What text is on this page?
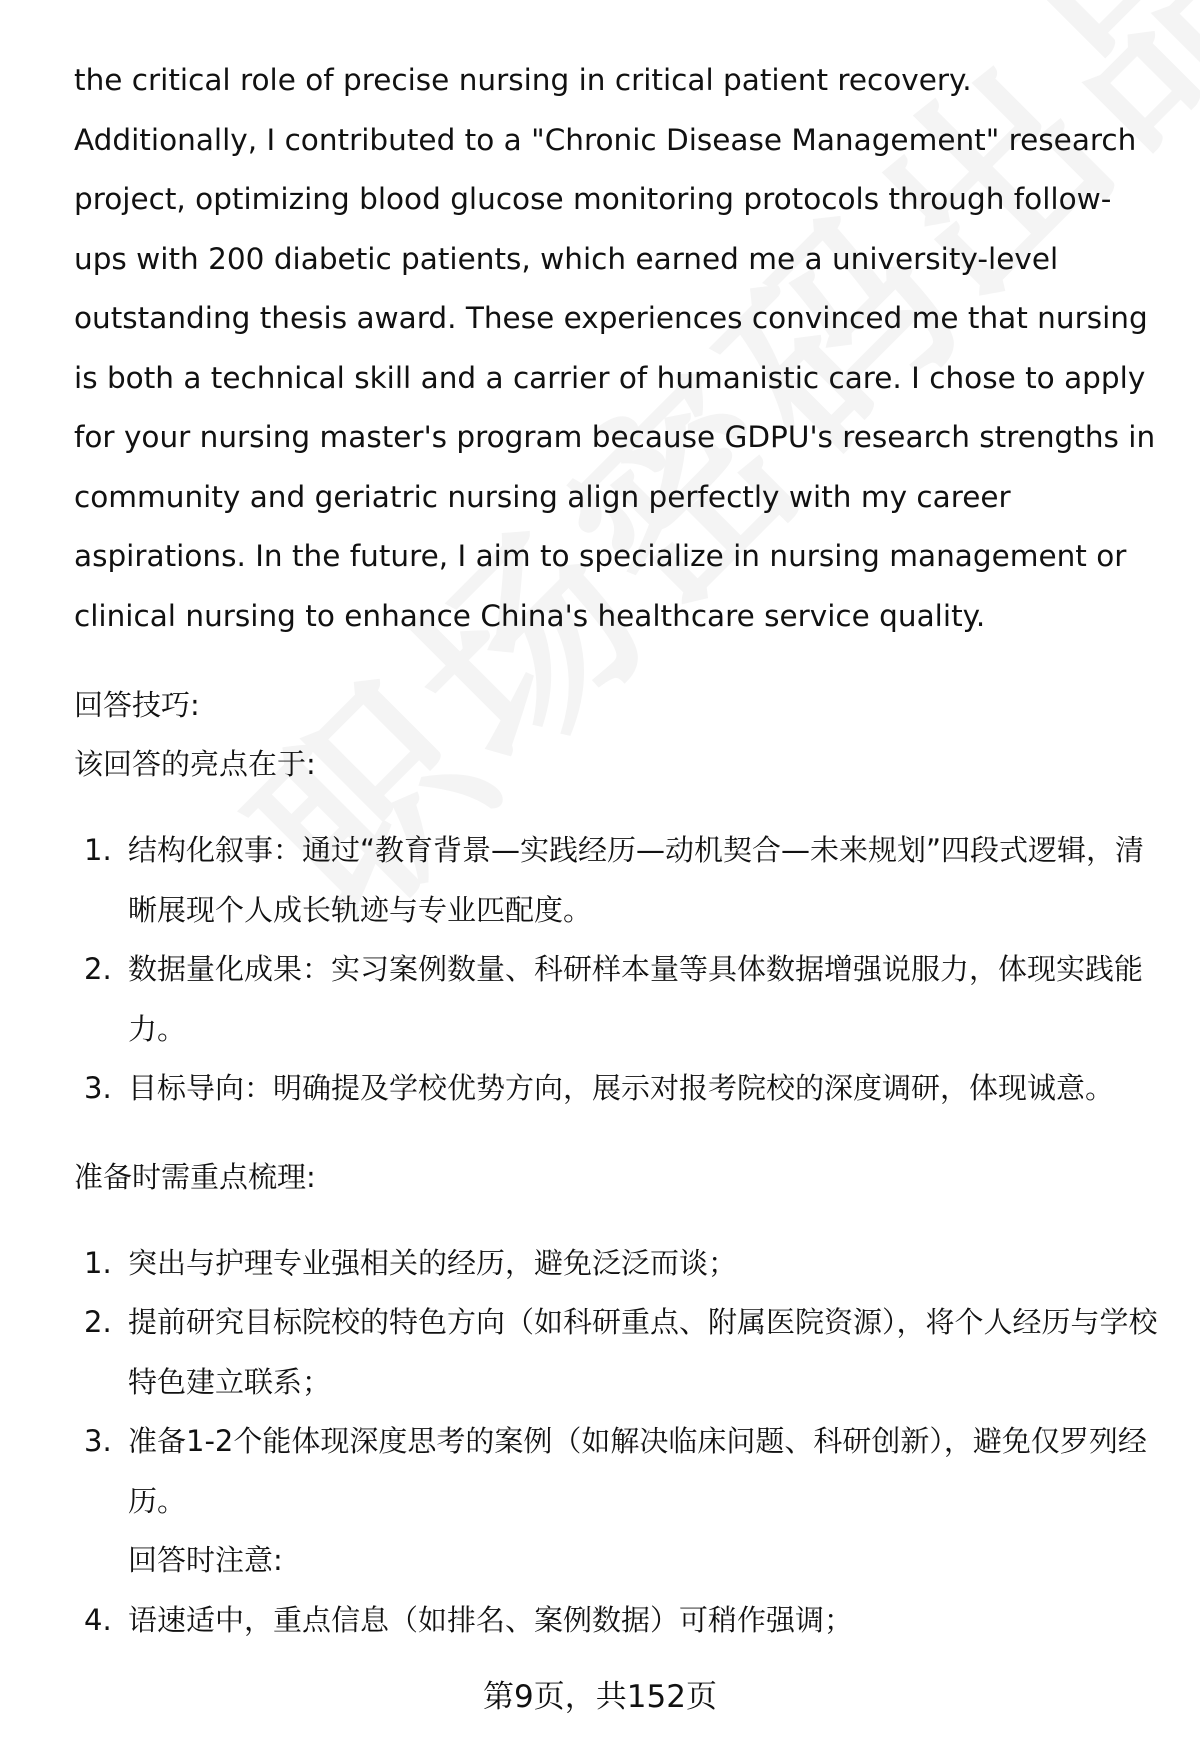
the critical role of precise nursing in critical patient recovery. Additionally, I contributed to a "Chronic Disease Management" research project, optimizing blood glucose monitoring protocols through follow-ups with 200 diabetic patients, which earned me a university-level outstanding thesis award. These experiences convinced me that nursing is both a technical skill and a carrier of humanistic care. I chose to apply for your nursing master's program because GDPU's research strengths in community and geriatric nursing align perfectly with my career aspirations. In the future, I aim to specialize in nursing management or clinical nursing to enhance China's healthcare service quality.

回答技巧:

该回答的亮点在于:

1. 结构化叙事：通过“教育背景—实践经历—动机契合—未来规划”四段式逻辑，清晰展现个人成长轨迹与专业匹配度。
2. 数据量化成果：实习案例数量、科研样本量等具体数据增强说服力，体现实践能力。
3. 目标导向：明确提及学校优势方向，展示对报考院校的深度调研，体现诚意。

准备时需重点梳理:

1. 突出与护理专业强相关的经历，避免泛泛而谈；
2. 提前研究目标院校的特色方向（如科研重点、附属医院资源），将个人经历与学校特色建立联系；
3. 准备1-2个能体现深度思考的案例（如解决临床问题、科研创新），避免仅罗列经历。
回答时注意:
4. 语速适中，重点信息（如排名、案例数据）可稍作强调；
第9页，共152页
